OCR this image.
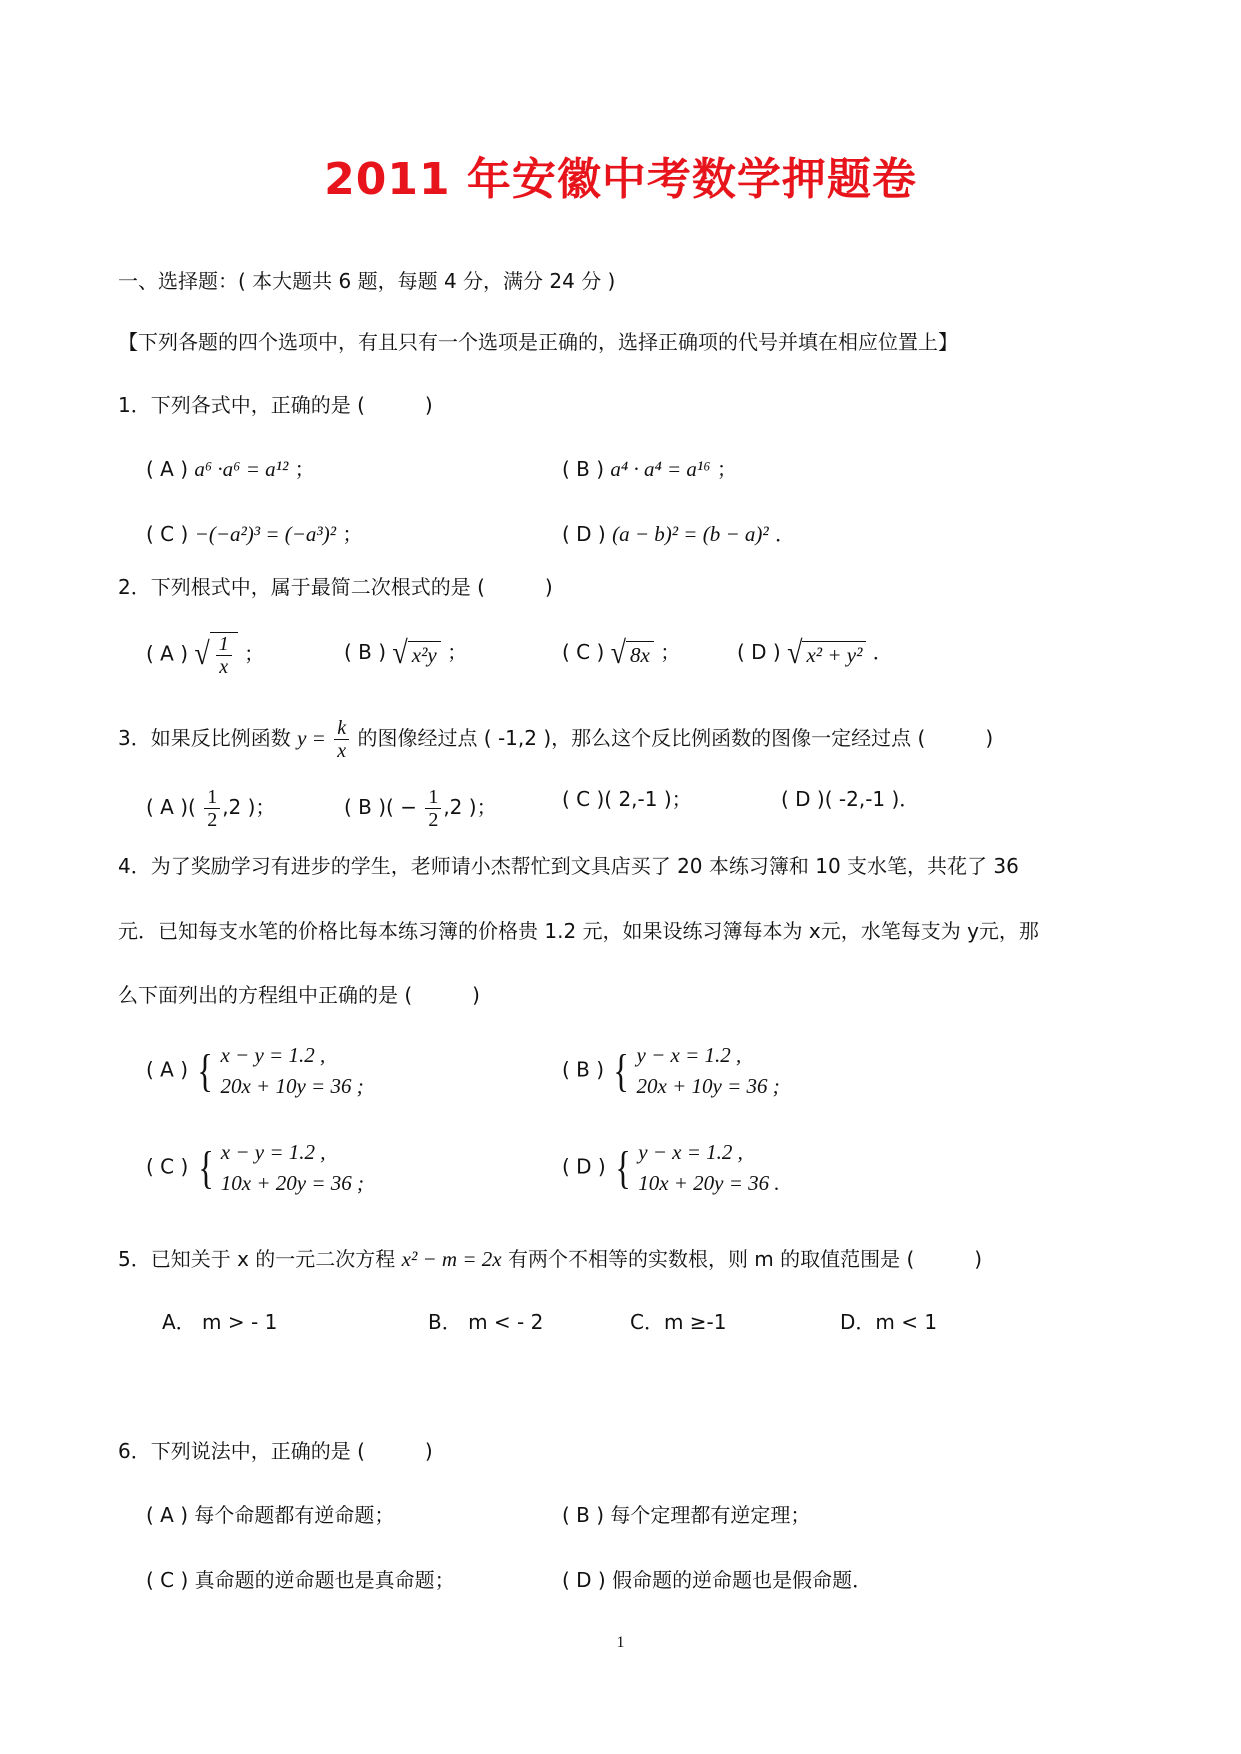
2011 年安徽中考数学押题卷
一、选择题：( 本大题共 6 题，每题 4 分，满分 24 分 )
【下列各题的四个选项中，有且只有一个选项是正确的，选择正确项的代号并填在相应位置上】
1．下列各式中，正确的是 (　　　)
( A ) a⁶ ·a⁶ = a¹² ；	( B ) a⁴ · a⁴ = a¹⁶ ；
( C ) −(−a²)³ = (−a³)² ；	( D ) (a − b)² = (b − a)² ．
2．下列根式中，属于最简二次根式的是 (　　　)
( A ) √ $\frac{1}{x}$ ；	( B ) √ x²y ；	( C ) √ 8x ；	( D ) √ x² + y² ．
3．如果反比例函数 $y = \frac{k}{x}$ 的图像经过点 ( -1,2 )，那么这个反比例函数的图像一定经过点 (　　　)
( A )( $\frac{1}{2} ,2$ )；	( B )( − $\frac{1}{2} ,2$ )；	( C )( 2,-1 )；	( D )( -2,-1 )．
4．为了奖励学习有进步的学生，老师请小杰帮忙到文具店买了 20 本练习簿和 10 支水笔，共花了 36
元．已知每支水笔的价格比每本练习簿的价格贵 1.2 元，如果设练习簿每本为 x元，水笔每支为 y元，那
么下面列出的方程组中正确的是 (　　　)
( A ) { x − y = 1.2 ,
20x + 10y = 36 ;
( B ) { y − x = 1.2 ,
20x + 10y = 36 ;
( C ) { x − y = 1.2 ,
10x + 20y = 36 ;
( D ) { y − x = 1.2 ,
10x + 20y = 36 .
5．已知关于 x 的一元二次方程 x² − m = 2x 有两个不相等的实数根，则 m 的取值范围是 (　　　)
A． m > - 1	B． m < - 2	C．m ≥-1	D．m < 1
6．下列说法中，正确的是 (　　　)
( A ) 每个命题都有逆命题；	( B ) 每个定理都有逆定理；
( C ) 真命题的逆命题也是真命题；	( D ) 假命题的逆命题也是假命题．
1
